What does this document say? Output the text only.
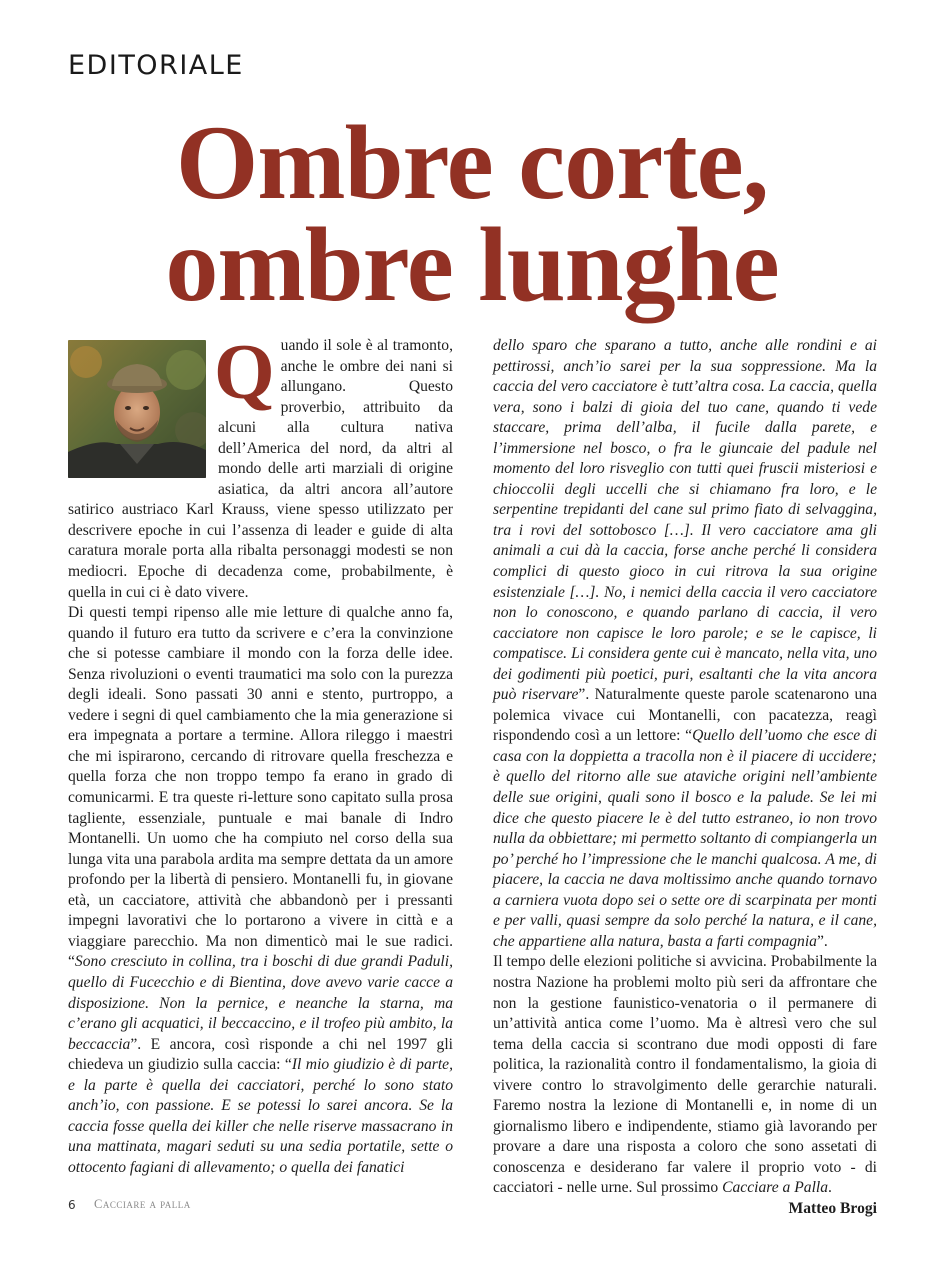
EDITORIALE
Ombre corte,
ombre lunghe

Quando il sole è al tramonto, anche le ombre dei nani si allungano. Questo proverbio, attribuito da alcuni alla cultura nativa dell’America del nord, da altri al mondo delle arti marziali di origine asiatica, da altri ancora all’autore satirico austriaco Karl Krauss, viene spesso utilizzato per descrivere epoche in cui l’assenza di leader e guide di alta caratura morale porta alla ribalta personaggi modesti se non mediocri. Epoche di decadenza come, probabilmente, è quella in cui ci è dato vivere.

Di questi tempi ripenso alle mie letture di qualche anno fa, quando il futuro era tutto da scrivere e c’era la convinzione che si potesse cambiare il mondo con la forza delle idee. Senza rivoluzioni o eventi traumatici ma solo con la purezza degli ideali. Sono passati 30 anni e stento, purtroppo, a vedere i segni di quel cambiamento che la mia generazione si era impegnata a portare a termine. Allora rileggo i maestri che mi ispirarono, cercando di ritrovare quella freschezza e quella forza che non troppo tempo fa erano in grado di comunicarmi. E tra queste ri-letture sono capitato sulla prosa tagliente, essenziale, puntuale e mai banale di Indro Montanelli. Un uomo che ha compiuto nel corso della sua lunga vita una parabola ardita ma sempre dettata da un amore profondo per la libertà di pensiero. Montanelli fu, in giovane età, un cacciatore, attività che abbandonò per i pressanti impegni lavorativi che lo portarono a vivere in città e a viaggiare parecchio. Ma non dimenticò mai le sue radici. “Sono cresciuto in collina, tra i boschi di due grandi Paduli, quello di Fucecchio e di Bientina, dove avevo varie cacce a disposizione. Non la pernice, e neanche la starna, ma c’erano gli acquatici, il beccaccino, e il trofeo più ambito, la beccaccia”. E ancora, così risponde a chi nel 1997 gli chiedeva un giudizio sulla caccia: “Il mio giudizio è di parte, e la parte è quella dei cacciatori, perché lo sono stato anch’io, con passione. E se potessi lo sarei ancora. Se la caccia fosse quella dei killer che nelle riserve massacrano in una mattinata, magari seduti su una sedia portatile, sette o ottocento fagiani di allevamento; o quella dei fanatici

dello sparo che sparano a tutto, anche alle rondini e ai pettirossi, anch’io sarei per la sua soppressione. Ma la caccia del vero cacciatore è tutt’altra cosa. La caccia, quella vera, sono i balzi di gioia del tuo cane, quando ti vede staccare, prima dell’alba, il fucile dalla parete, e l’immersione nel bosco, o fra le giuncaie del padule nel momento del loro risveglio con tutti quei fruscii misteriosi e chioccolii degli uccelli che si chiamano fra loro, e le serpentine trepidanti del cane sul primo fiato di selvaggina, tra i rovi del sottobosco […]. Il vero cacciatore ama gli animali a cui dà la caccia, forse anche perché li considera complici di questo gioco in cui ritrova la sua origine esistenziale […]. No, i nemici della caccia il vero cacciatore non lo conoscono, e quando parlano di caccia, il vero cacciatore non capisce le loro parole; e se le capisce, li compatisce. Li considera gente cui è mancato, nella vita, uno dei godimenti più poetici, puri, esaltanti che la vita ancora può riservare”. Naturalmente queste parole scatenarono una polemica vivace cui Montanelli, con pacatezza, reagì rispondendo così a un lettore: “Quello dell’uomo che esce di casa con la doppietta a tracolla non è il piacere di uccidere; è quello del ritorno alle sue ataviche origini nell’ambiente delle sue origini, quali sono il bosco e la palude. Se lei mi dice che questo piacere le è del tutto estraneo, io non trovo nulla da obbiettare; mi permetto soltanto di compiangerla un po’ perché ho l’impressione che le manchi qualcosa. A me, di piacere, la caccia ne dava moltissimo anche quando tornavo a carniera vuota dopo sei o sette ore di scarpinata per monti e per valli, quasi sempre da solo perché la natura, e il cane, che appartiene alla natura, basta a farti compagnia”.

Il tempo delle elezioni politiche si avvicina. Probabilmente la nostra Nazione ha problemi molto più seri da affrontare che non la gestione faunistico-venatoria o il permanere di un’attività antica come l’uomo. Ma è altresì vero che sul tema della caccia si scontrano due modi opposti di fare politica, la razionalità contro il fondamentalismo, la gioia di vivere contro lo stravolgimento delle gerarchie naturali. Faremo nostra la lezione di Montanelli e, in nome di un giornalismo libero e indipendente, stiamo già lavorando per provare a dare una risposta a coloro che sono assetati di conoscenza e desiderano far valere il proprio voto - di cacciatori - nelle urne. Sul prossimo Cacciare a Palla.

Matteo Brogi

6 Cacciare a palla
